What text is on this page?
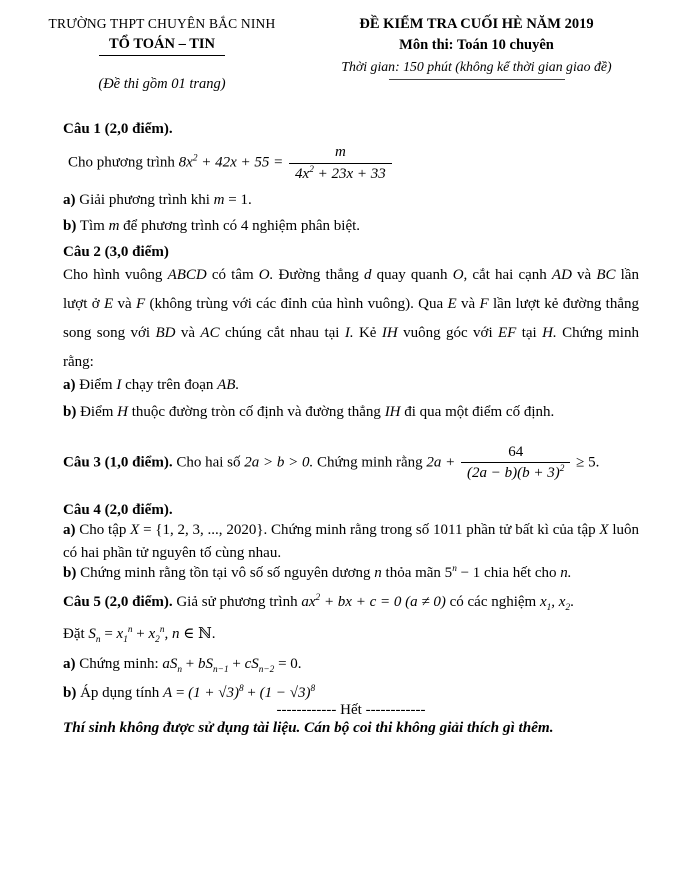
TRƯỜNG THPT CHUYÊN BẮC NINH
TỔ TOÁN – TIN
(Đề thi gồm 01 trang)
ĐỀ KIỂM TRA CUỐI HÈ NĂM 2019
Môn thi: Toán 10 chuyên
Thời gian: 150 phút (không kể thời gian giao đề)

Câu 1 (2,0 điểm).

Cho phương trình $8x^2 + 42x + 55 = \frac{m}{4x^2 + 23x + 33}$

a) Giải phương trình khi m = 1.

b) Tìm m để phương trình có 4 nghiệm phân biệt.

Câu 2 (3,0 điểm)

Cho hình vuông ABCD có tâm O. Đường thẳng d quay quanh O, cắt hai cạnh AD và BC lần lượt ở E và F (không trùng với các đỉnh của hình vuông). Qua E và F lần lượt kẻ đường thẳng song song với BD và AC chúng cắt nhau tại I. Kẻ IH vuông góc với EF tại H. Chứng minh rằng:

a) Điểm I chạy trên đoạn AB.

b) Điểm H thuộc đường tròn cố định và đường thẳng IH đi qua một điểm cố định.

Câu 3 (1,0 điểm). Cho hai số 2a > b > 0. Chứng minh rằng $2a + \frac{64}{(2a - b)(b + 3)^2} \ge 5$.

Câu 4 (2,0 điểm).

a) Cho tập X = {1, 2, 3, ..., 2020}. Chứng minh rằng trong số 1011 phần tử bất kì của tập X luôn có hai phần tử nguyên tố cùng nhau.

b) Chứng minh rằng tồn tại vô số số nguyên dương n thỏa mãn $5^n - 1$ chia hết cho n.

Câu 5 (2,0 điểm). Giả sử phương trình $ax^2$ + bx + c = 0 (a ≠ 0) có các nghiệm $x_1$, $x_2$.

Đặt $S_n = x_1^n + x_2^n$, n ∈ ℕ.

a) Chứng minh: $aS_n + bS_{n-1} + cS_{n-2} = 0$.

b) Áp dụng tính $A = (1 + √3)^8 + (1 - √3)^8$

------------ Hết ------------

Thí sinh không được sử dụng tài liệu. Cán bộ coi thi không giải thích gì thêm.
